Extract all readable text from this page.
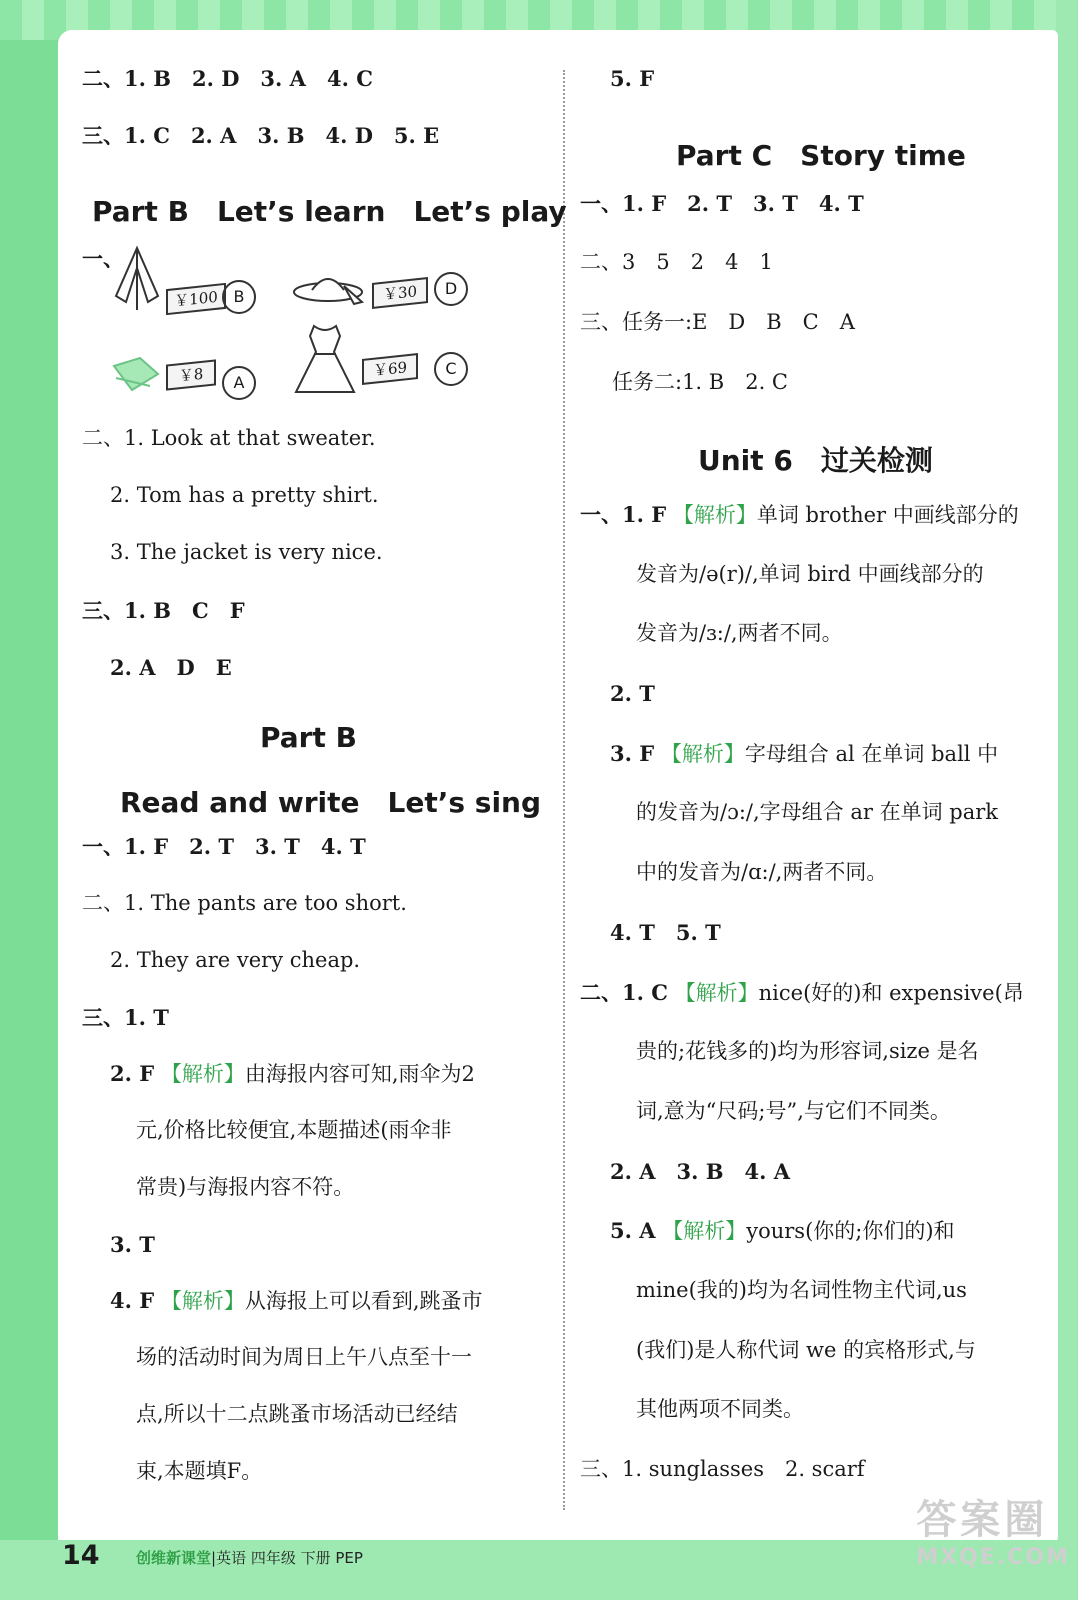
二、1. B　2. D　3. A　4. C
三、1. C　2. A　3. B　4. D　5. E
Part B　Let’s learn　Let’s play
一、
￥100 B	￥30	D
￥8	A
￥69	C
二、1. Look at that sweater.
2. Tom has a pretty shirt.
3. The jacket is very nice.
三、1. B　C　F
2. A　D　E
Part B
Read and write　Let’s sing
一、1. F　2. T　3. T　4. T
二、1. The pants are too short.
2. They are very cheap.
三、1. T
2. F 【解析】由海报内容可知,雨伞为2
元,价格比较便宜,本题描述(雨伞非
常贵)与海报内容不符。
3. T
4. F 【解析】从海报上可以看到,跳蚤市
场的活动时间为周日上午八点至十一
点,所以十二点跳蚤市场活动已经结
束,本题填F。
5. F
Part C　Story time
一、1. F　2. T　3. T　4. T
二、3　5　2　4　1
三、任务一:E　D　B　C　A
任务二:1. B　2. C
Unit 6　过关检测
一、1. F 【解析】单词 brother 中画线部分的
发音为/ə(r)/,单词 bird 中画线部分的
发音为/ɜ:/,两者不同。
2. T
3. F 【解析】字母组合 al 在单词 ball 中
的发音为/ɔ:/,字母组合 ar 在单词 park
中的发音为/ɑ:/,两者不同。
4. T　5. T
二、1. C 【解析】nice(好的)和 expensive(昂
贵的;花钱多的)均为形容词,size 是名
词,意为“尺码;号”,与它们不同类。
2. A　3. B　4. A
5. A 【解析】yours(你的;你们的)和
mine(我的)均为名词性物主代词,us
(我们)是人称代词 we 的宾格形式,与
其他两项不同类。
三、1. sunglasses　2. scarf
14 创维新课堂|英语 四年级 下册 PEP
答案圈
MXQE.COM
